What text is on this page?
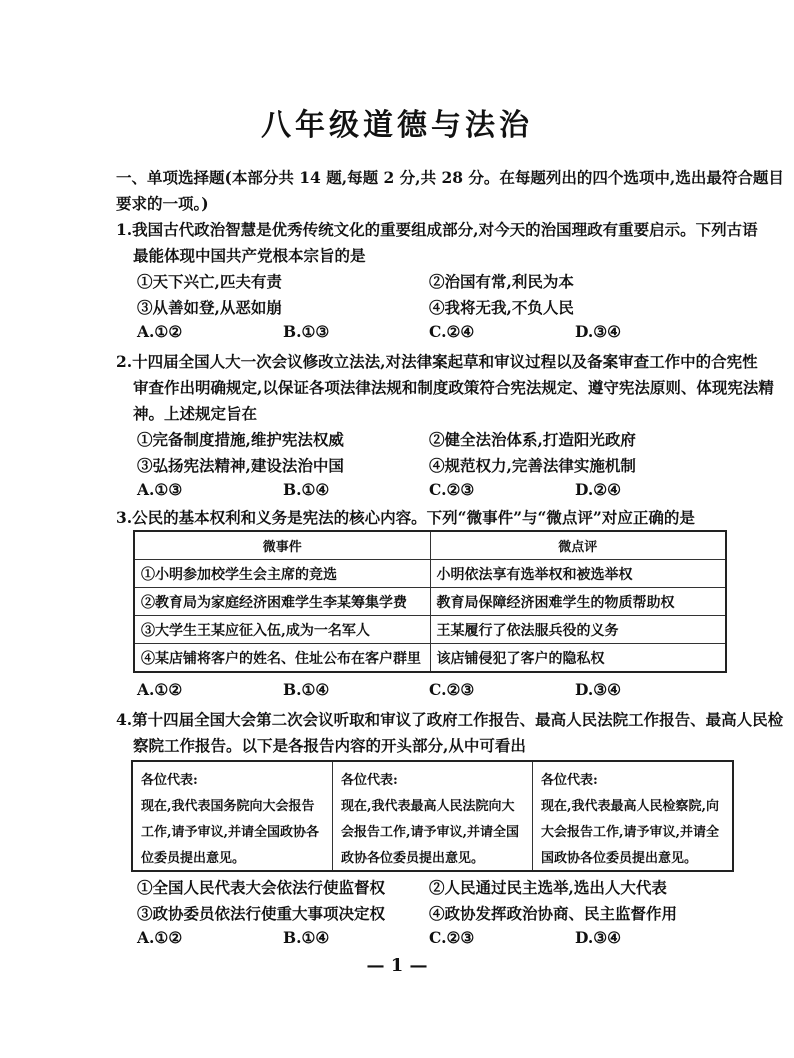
八年级道德与法治
一、单项选择题(本部分共 14 题,每题 2 分,共 28 分。在每题列出的四个选项中,选出最符合题目
要求的一项。)
1.我国古代政治智慧是优秀传统文化的重要组成部分,对今天的治国理政有重要启示。下列古语
最能体现中国共产党根本宗旨的是
①天下兴亡,匹夫有责	②治国有常,利民为本
③从善如登,从恶如崩	④我将无我,不负人民
A.①②	B.①③	C.②④	D.③④
2.十四届全国人大一次会议修改立法法,对法律案起草和审议过程以及备案审查工作中的合宪性
审查作出明确规定,以保证各项法律法规和制度政策符合宪法规定、遵守宪法原则、体现宪法精
神。上述规定旨在
①完备制度措施,维护宪法权威	②健全法治体系,打造阳光政府
③弘扬宪法精神,建设法治中国	④规范权力,完善法律实施机制
A.①③	B.①④	C.②③	D.②④
3.公民的基本权利和义务是宪法的核心内容。下列“微事件”与“微点评”对应正确的是
微事件	微点评
①小明参加校学生会主席的竞选	小明依法享有选举权和被选举权
②教育局为家庭经济困难学生李某筹集学费	教育局保障经济困难学生的物质帮助权
③大学生王某应征入伍,成为一名军人	王某履行了依法服兵役的义务
④某店铺将客户的姓名、住址公布在客户群里	该店铺侵犯了客户的隐私权
A.①②	B.①④	C.②③	D.③④
4.第十四届全国大会第二次会议听取和审议了政府工作报告、最高人民法院工作报告、最高人民检
察院工作报告。以下是各报告内容的开头部分,从中可看出
各位代表:
现在,我代表国务院向大会报告工作,请予审议,并请全国政协各位委员提出意见。
各位代表:
现在,我代表最高人民法院向大会报告工作,请予审议,并请全国政协各位委员提出意见。
各位代表:
现在,我代表最高人民检察院,向大会报告工作,请予审议,并请全国政协各位委员提出意见。
①全国人民代表大会依法行使监督权	②人民通过民主选举,选出人大代表
③政协委员依法行使重大事项决定权	④政协发挥政治协商、民主监督作用
A.①②	B.①④	C.②③	D.③④
— 1 —
